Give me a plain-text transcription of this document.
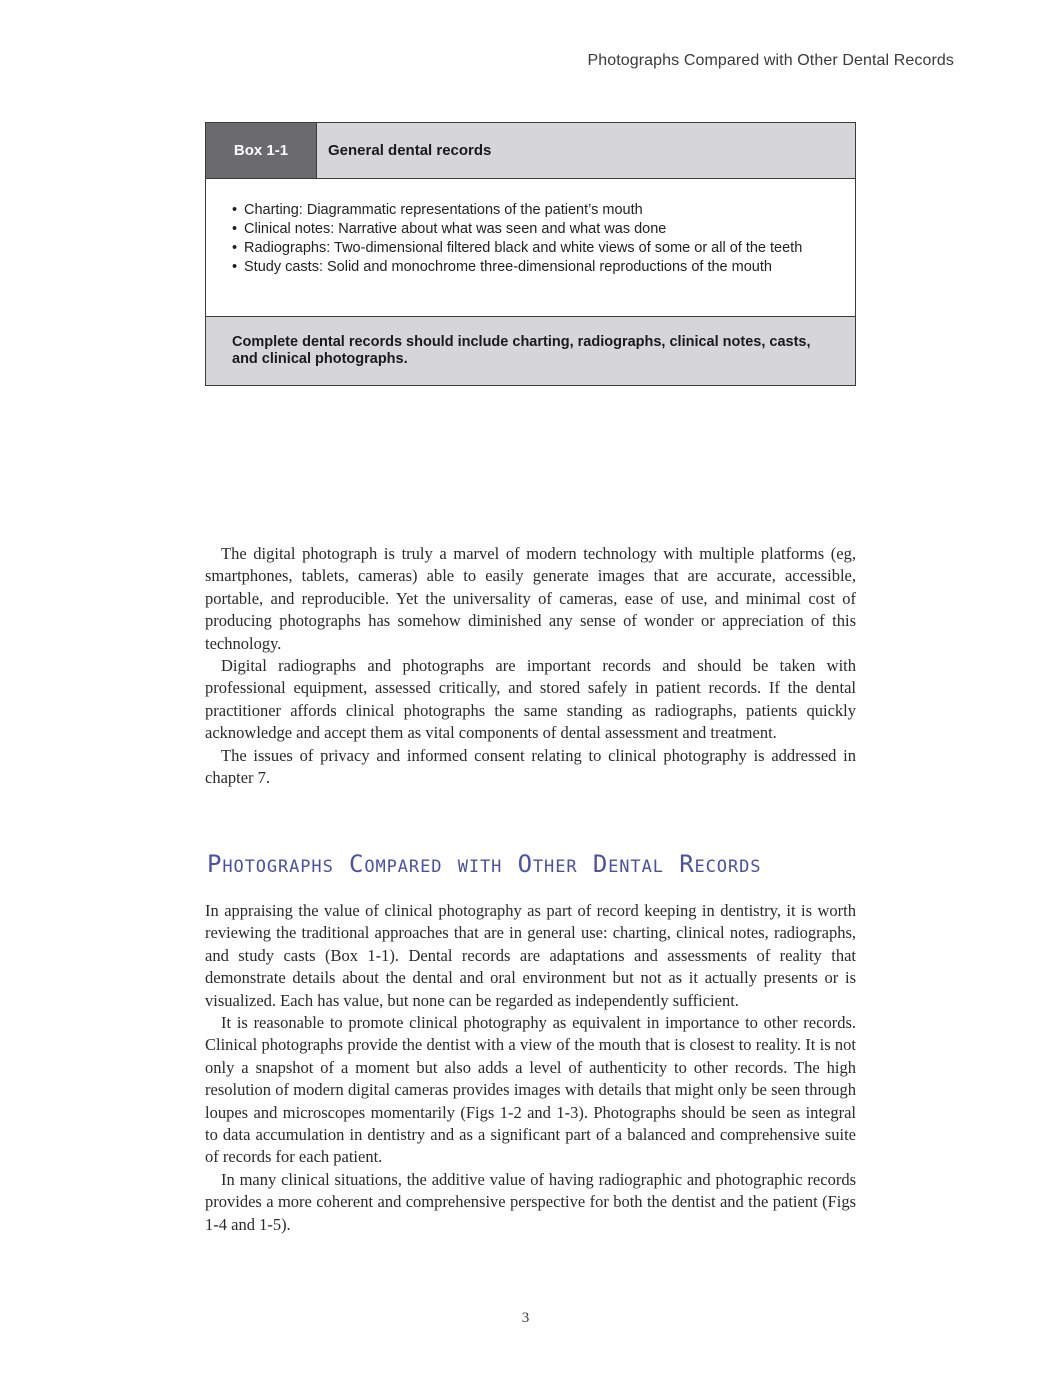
Photographs Compared with Other Dental Records
Box 1-1	General dental records
• Charting: Diagrammatic representations of the patient’s mouth
• Clinical notes: Narrative about what was seen and what was done
• Radiographs: Two-dimensional filtered black and white views of some or all of the teeth
• Study casts: Solid and monochrome three-dimensional reproductions of the mouth
Complete dental records should include charting, radiographs, clinical notes, casts, and clinical photographs.

The digital photograph is truly a marvel of modern technology with multiple platforms (eg, smartphones, tablets, cameras) able to easily generate images that are accurate, accessible, portable, and reproducible. Yet the universality of cameras, ease of use, and minimal cost of producing photographs has somehow diminished any sense of wonder or appreciation of this technology.

Digital radiographs and photographs are important records and should be taken with professional equipment, assessed critically, and stored safely in patient records. If the dental practitioner affords clinical photographs the same standing as radiographs, patients quickly acknowledge and accept them as vital components of dental assessment and treatment.

The issues of privacy and informed consent relating to clinical photography is addressed in chapter 7.

Photographs Compared with Other Dental Records

In appraising the value of clinical photography as part of record keeping in dentistry, it is worth reviewing the traditional approaches that are in general use: charting, clinical notes, radiographs, and study casts (Box 1-1). Dental records are adaptations and assessments of reality that demonstrate details about the dental and oral environment but not as it actually presents or is visualized. Each has value, but none can be regarded as independently sufficient.

It is reasonable to promote clinical photography as equivalent in importance to other records. Clinical photographs provide the dentist with a view of the mouth that is closest to reality. It is not only a snapshot of a moment but also adds a level of authenticity to other records. The high resolution of modern digital cameras provides images with details that might only be seen through loupes and microscopes momentarily (Figs 1-2 and 1-3). Photographs should be seen as integral to data accumulation in dentistry and as a significant part of a balanced and comprehensive suite of records for each patient.

In many clinical situations, the additive value of having radiographic and photographic records provides a more coherent and comprehensive perspective for both the dentist and the patient (Figs 1-4 and 1-5).

3
